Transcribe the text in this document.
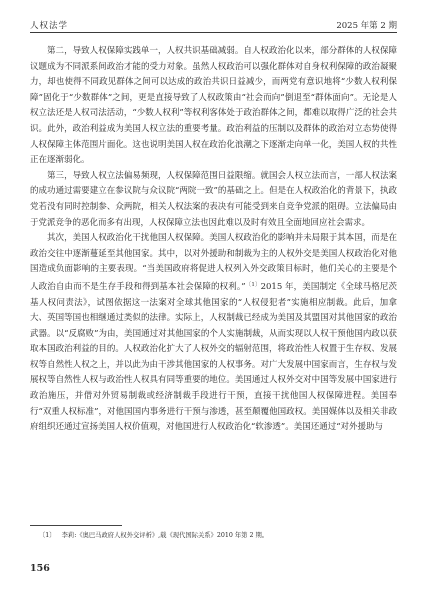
人权法学	2025 年第 2 期

第二，导致人权保障实践单一，人权共识基础减弱。自人权政治化以来，部分群体的人权保障议题成为不同派系间政治才能的受力对象。虽然人权政治可以强化群体对自身权利保障的政治凝聚力，却也使得不同政见群体之间可以达成的政治共识日益减少，而两党有意识地将“少数人权利保障”固化于“少数群体”之间，更是直接导致了人权政策由“社会而向”倒退至“群体面向”。无论是人权立法还是人权司法活动，“少数人权利”等权利客体处于政治群体之间，都难以取得广泛的社会共识。此外，政治利益成为美国人权立法的重要考量。政治利益的压制以及群体的政治对立态势使得人权保障主体范围片面化。这也说明美国人权在政治化浪潮之下逐渐走向单一化，美国人权的共性正在逐渐弱化。

第三，导致人权立法偏易频现，人权保障范围日益限缩。就国会人权立法而言，一部人权法案的成功通过需要建立在参议院与众议院“两院一致”的基础之上。但是在人权政治化的背景下，执政党若没有同时控制参、众两院，相关人权法案的表决有可能受到来自竞争党派的阻碍。立法偏局由于党派竞争的恶化而多有出现，人权保障立法也因此难以及时有效且全面地回应社会需求。

其次，美国人权政治化干扰他国人权保障。美国人权政治化的影响并未局限于其本国，而是在政治交往中逐渐蔓延至其他国家。其中，以对外援助和制裁为主的人权外交是美国人权政治化对他国造成负面影响的主要表现。“当美国政府将促进人权列入外交政策目标时，他们关心的主要是个人政治自由而不是生存手段和得到基本社会保障的权利。”$^{〔1〕}$2015 年，美国制定《全球马格尼茨基人权问责法》，试图依据这一法案对全球其他国家的“人权侵犯者”实施相应制裁。此后，加拿大、英国等国也相继通过类似的法律。实际上，人权制裁已经成为美国及其盟国对其他国家的政治武器。以“反腐败”为由，美国通过对其他国家的个人实施制裁，从而实现以人权干预他国内政以获取本国政治利益的目的。人权政治化扩大了人权外交的辐射范围，将政治性人权置于生存权、发展权等自然性人权之上，并以此为由干涉其他国家的人权事务。对广大发展中国家而言，生存权与发展权等自然性人权与政治性人权具有同等重要的地位。美国通过人权外交对中国等发展中国家进行政治施压，并借对外贸易制裁或经济制裁手段进行干预，直接干扰他国人权保障进程。美国奉行“双重人权标准”，对他国国内事务进行干预与渗透，甚至颠覆他国政权。美国媒体以及相关非政府组织还通过宣扬美国人权价值观，对他国进行人权政治化“软渗透”。美国还通过“对外援助与

〔1〕 李莉:《奥巴马政府人权外交评析》,载《现代国际关系》2010 年第 2 期。
156
